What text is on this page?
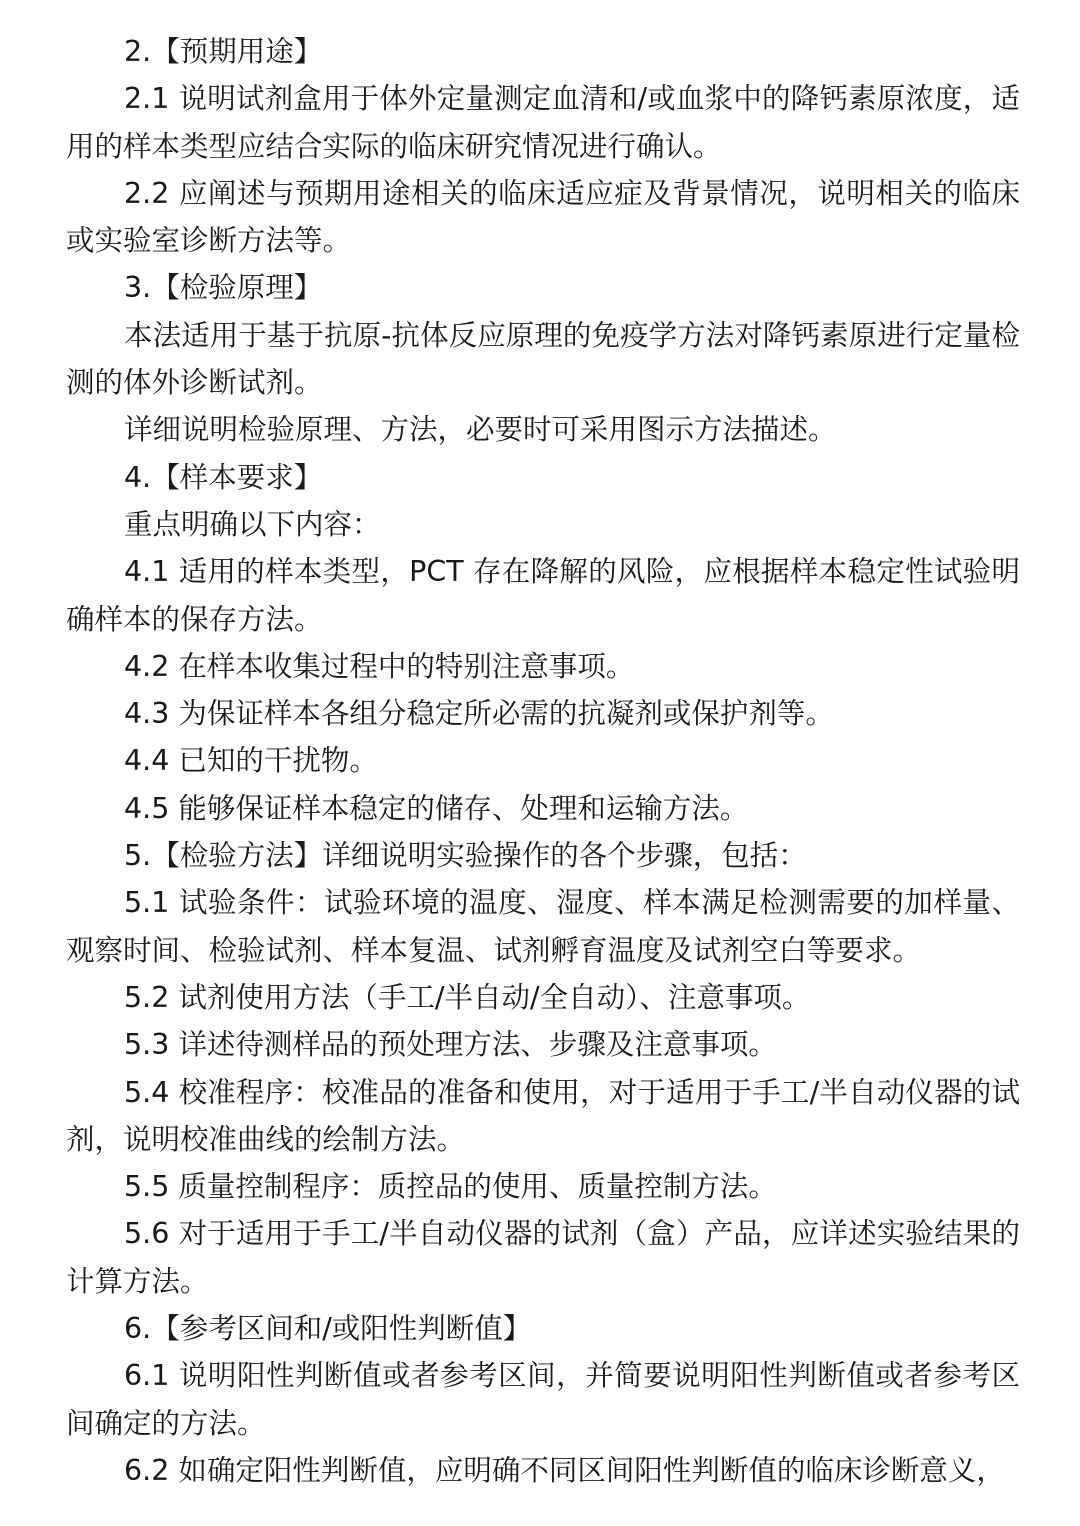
2.【预期用途】

2.1 说明试剂盒用于体外定量测定血清和/或血浆中的降钙素原浓度，适用的样本类型应结合实际的临床研究情况进行确认。

2.2 应阐述与预期用途相关的临床适应症及背景情况，说明相关的临床或实验室诊断方法等。

3.【检验原理】

本法适用于基于抗原-抗体反应原理的免疫学方法对降钙素原进行定量检测的体外诊断试剂。

详细说明检验原理、方法，必要时可采用图示方法描述。

4.【样本要求】

重点明确以下内容：

4.1 适用的样本类型，PCT 存在降解的风险，应根据样本稳定性试验明确样本的保存方法。

4.2 在样本收集过程中的特别注意事项。

4.3 为保证样本各组分稳定所必需的抗凝剂或保护剂等。

4.4 已知的干扰物。

4.5 能够保证样本稳定的储存、处理和运输方法。

5.【检验方法】详细说明实验操作的各个步骤，包括：

5.1 试验条件：试验环境的温度、湿度、样本满足检测需要的加样量、观察时间、检验试剂、样本复温、试剂孵育温度及试剂空白等要求。

5.2 试剂使用方法（手工/半自动/全自动）、注意事项。

5.3 详述待测样品的预处理方法、步骤及注意事项。

5.4 校准程序：校准品的准备和使用，对于适用于手工/半自动仪器的试剂，说明校准曲线的绘制方法。

5.5 质量控制程序：质控品的使用、质量控制方法。

5.6 对于适用于手工/半自动仪器的试剂（盒）产品，应详述实验结果的计算方法。

6.【参考区间和/或阳性判断值】

6.1 说明阳性判断值或者参考区间，并简要说明阳性判断值或者参考区间确定的方法。

6.2 如确定阳性判断值，应明确不同区间阳性判断值的临床诊断意义，
